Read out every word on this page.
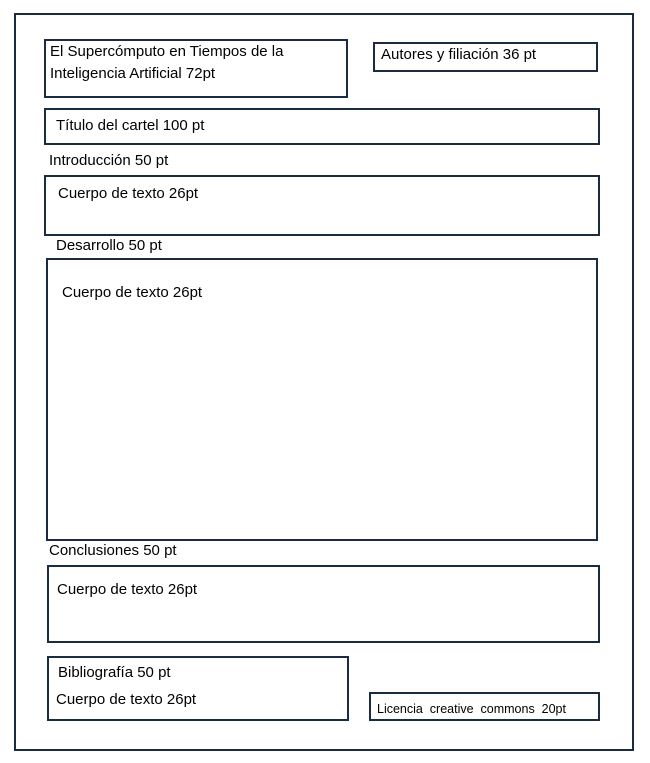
El Supercómputo en Tiempos de la
Inteligencia Artificial 72pt
Autores y filiación 36 pt
Título del cartel 100 pt
Introducción 50 pt
Cuerpo de texto 26pt
Desarrollo 50 pt
Cuerpo de texto 26pt
Conclusiones 50 pt
Cuerpo de texto 26pt
Bibliografía 50 pt
Cuerpo de texto 26pt
Licencia  creative  commons  20pt
